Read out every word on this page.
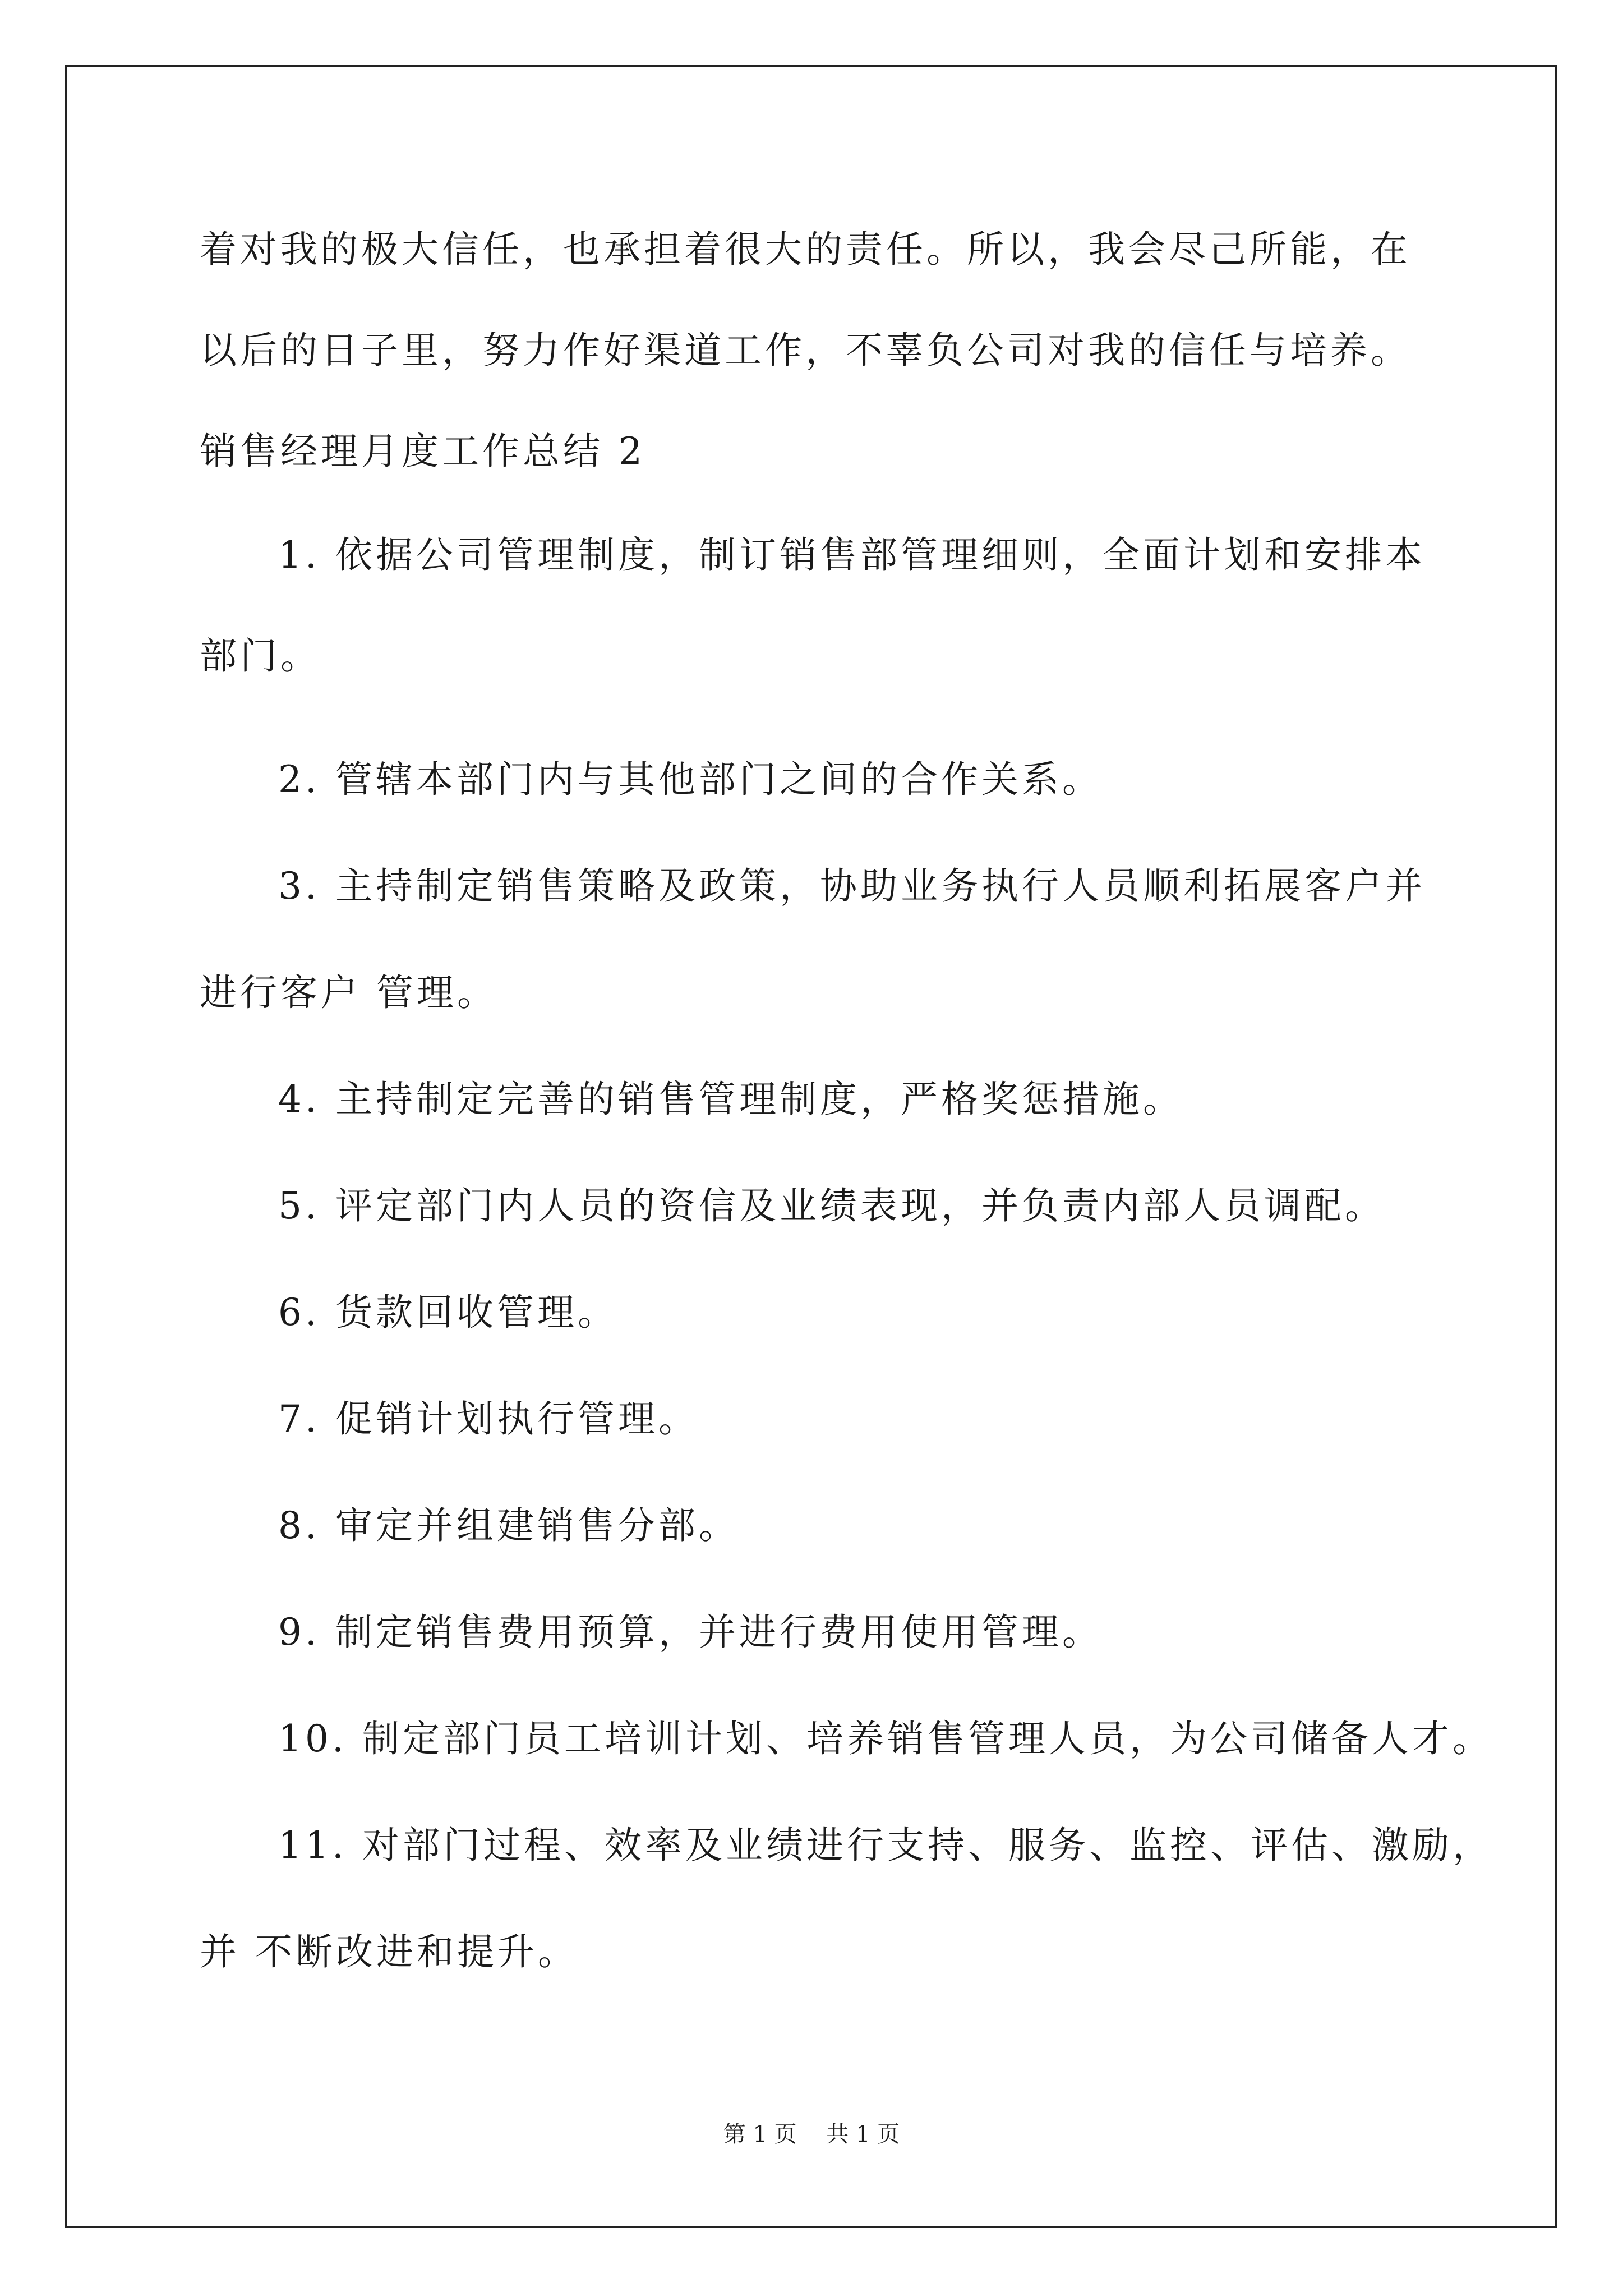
着对我的极大信任，也承担着很大的责任。所以，我会尽己所能，在
以后的日子里，努力作好渠道工作，不辜负公司对我的信任与培养。
销售经理月度工作总结 2
1. 依据公司管理制度，制订销售部管理细则，全面计划和安排本
部门。
2. 管辖本部门内与其他部门之间的合作关系。
3. 主持制定销售策略及政策，协助业务执行人员顺利拓展客户并
进行客户 管理。
4. 主持制定完善的销售管理制度，严格奖惩措施。
5. 评定部门内人员的资信及业绩表现，并负责内部人员调配。
6. 货款回收管理。
7. 促销计划执行管理。
8. 审定并组建销售分部。
9. 制定销售费用预算，并进行费用使用管理。
10. 制定部门员工培训计划、培养销售管理人员，为公司储备人才。
11. 对部门过程、效率及业绩进行支持、服务、监控、评估、激励，
并 不断改进和提升。
第 1 页 共 1 页
